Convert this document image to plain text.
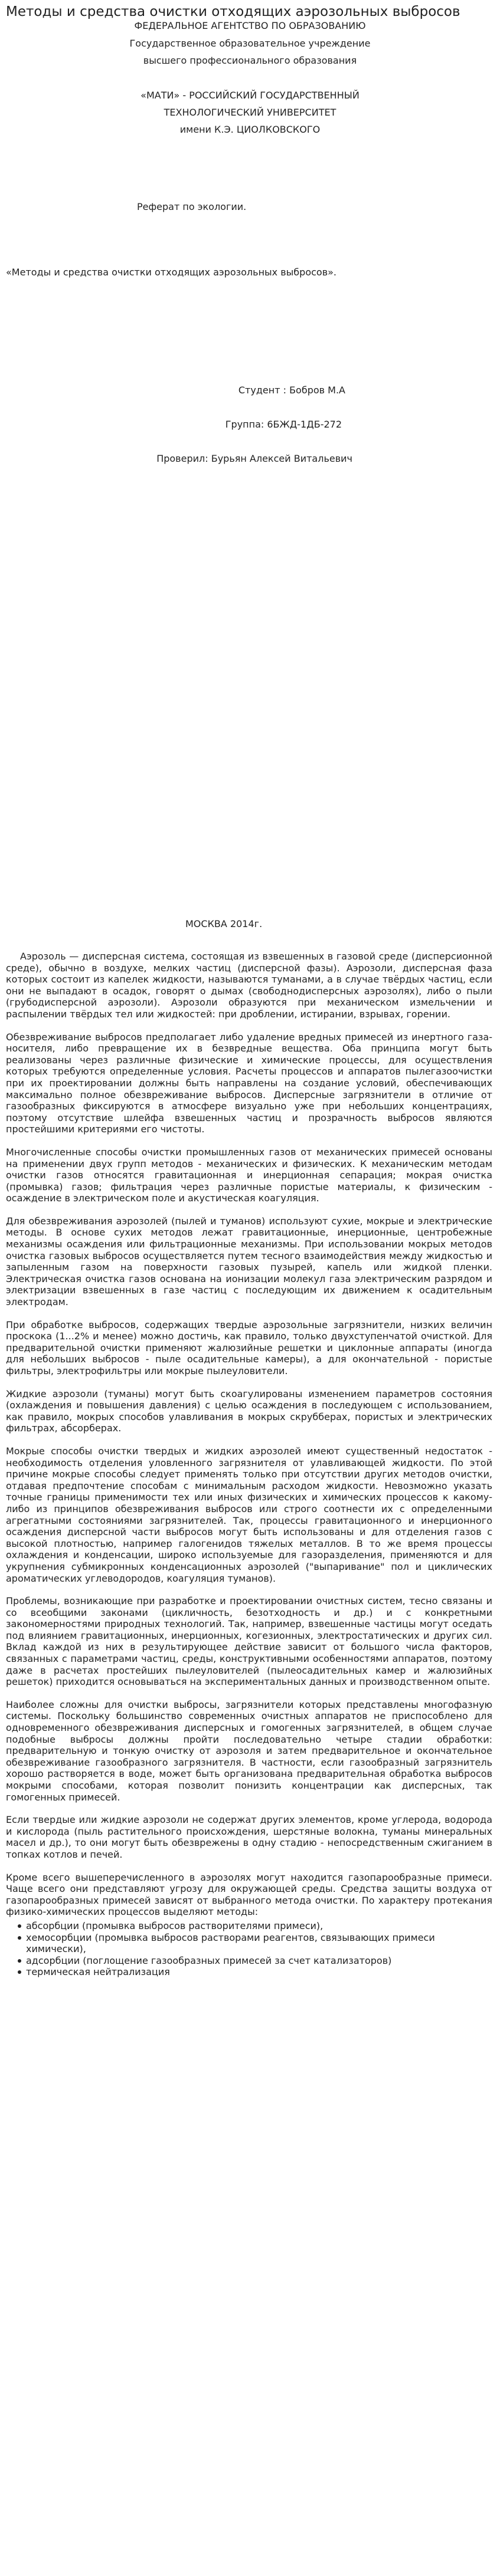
Методы и средства очистки отходящих аэрозольных выбросов
ФЕДЕРАЛЬНОЕ АГЕНТСТВО ПО ОБРАЗОВАНИЮ
Государственное образовательное учреждение
высшего профессионального образования
«МАТИ» - РОССИЙСКИЙ ГОСУДАРСТВЕННЫЙ
ТЕХНОЛОГИЧЕСКИЙ УНИВЕРСИТЕТ
имени К.Э. ЦИОЛКОВСКОГО
Реферат по экологии.
«Методы и средства очистки отходящих аэрозольных выбросов».
Студент : Бобров М.А
Группа: 6БЖД-1ДБ-272
Проверил: Бурьян Алексей Витальевич
МОСКВА 2014г.

Аэрозоль — дисперсная система, состоящая из взвешенных в газовой среде (дисперсионной среде), обычно в воздухе, мелких частиц (дисперсной фазы). Аэрозоли, дисперсная фаза которых состоит из капелек жидкости, называются туманами, а в случае твёрдых частиц, если они не выпадают в осадок, говорят о дымах (свободнодисперсных аэрозолях), либо о пыли (грубодисперсной аэрозоли). Аэрозоли образуются при механическом измельчении и распылении твёрдых тел или жидкостей: при дроблении, истирании, взрывах, горении.

Обезвреживание выбросов предполагает либо удаление вредных примесей из инертного газа-носителя, либо превращение их в безвредные вещества. Оба принципа могут быть реализованы через различные физические и химические процессы, для осуществления которых требуются определенные условия. Расчеты процессов и аппаратов пылегазоочистки при их проектировании должны быть направлены на создание условий, обеспечивающих максимально полное обезвреживание выбросов. Дисперсные загрязнители в отличие от газообразных фиксируются в атмосфере визуально уже при небольших концентрациях, поэтому отсутствие шлейфа взвешенных частиц и прозрачность выбросов являются простейшими критериями его чистоты.

Многочисленные способы очистки промышленных газов от механических примесей основаны на применении двух групп методов - механических и физических. К механическим методам очистки газов относятся гравитационная и инерционная сепарация; мокрая очистка (промывка) газов; фильтрация через различные пористые материалы, к физическим - осаждение в электрическом поле и акустическая коагуляция.

Для обезвреживания аэрозолей (пылей и туманов) используют сухие, мокрые и электрические методы. В основе сухих методов лежат гравитационные, инерционные, центробежные механизмы осаждения или фильтрационные механизмы. При использовании мокрых методов очистка газовых выбросов осуществляется путем тесного взаимодействия между жидкостью и запыленным газом на поверхности газовых пузырей, капель или жидкой пленки. Электрическая очистка газов основана на ионизации молекул газа электрическим разрядом и электризации взвешенных в газе частиц с последующим их движением к осадительным электродам.

При обработке выбросов, содержащих твердые аэрозольные загрязнители, низких величин проскока (1...2% и менее) можно достичь, как правило, только двухступенчатой очисткой. Для предварительной очистки применяют жалюзийные решетки и циклонные аппараты (иногда для небольших выбросов - пыле осадительные камеры), а для окончательной - пористые фильтры, электрофильтры или мокрые пылеуловители.

Жидкие аэрозоли (туманы) могут быть скоагулированы изменением параметров состояния (охлаждения и повышения давления) с целью осаждения в последующем с использованием, как правило, мокрых способов улавливания в мокрых скрубберах, пористых и электрических фильтрах, абсорберах.

Мокрые способы очистки твердых и жидких аэрозолей имеют существенный недостаток - необходимость отделения уловленного загрязнителя от улавливающей жидкости. По этой причине мокрые способы следует применять только при отсутствии других методов очистки, отдавая предпочтение способам с минимальным расходом жидкости. Невозможно указать точные границы применимости тех или иных физических и химических процессов к какому-либо из принципов обезвреживания выбросов или строго соотнести их с определенными агрегатными состояниями загрязнителей. Так, процессы гравитационного и инерционного осаждения дисперсной части выбросов могут быть использованы и для отделения газов с высокой плотностью, например галогенидов тяжелых металлов. В то же время процессы охлаждения и конденсации, широко используемые для газоразделения, применяются и для укрупнения субмикронных конденсационных аэрозолей ("выпаривание" пол и циклических ароматических углеводородов, коагуляция туманов).

Проблемы, возникающие при разработке и проектировании очистных систем, тесно связаны и со всеобщими законами (цикличность, безотходность и др.) и с конкретными закономерностями природных технологий. Так, например, взвешенные частицы могут оседать под влиянием гравитационных, инерционных, когезионных, электростатических и других сил. Вклад каждой из них в результирующее действие зависит от большого числа факторов, связанных с параметрами частиц, среды, конструктивными особенностями аппаратов, поэтому даже в расчетах простейших пылеуловителей (пылеосадительных камер и жалюзийных решеток) приходится основываться на экспериментальных данных и производственном опыте.

Наиболее сложны для очистки выбросы, загрязнители которых представлены многофазную системы. Поскольку большинство современных очистных аппаратов не приспособлено для одновременного обезвреживания дисперсных и гомогенных загрязнителей, в общем случае подобные выбросы должны пройти последовательно четыре стадии обработки: предварительную и тонкую очистку от аэрозоля и затем предварительное и окончательное обезвреживание газообразного загрязнителя. В частности, если газообразный загрязнитель хорошо растворяется в воде, может быть организована предварительная обработка выбросов мокрыми способами, которая позволит понизить концентрации как дисперсных, так гомогенных примесей.

Если твердые или жидкие аэрозоли не содержат других элементов, кроме углерода, водорода и кислорода (пыль растительного происхождения, шерстяные волокна, туманы минеральных масел и др.), то они могут быть обезврежены в одну стадию - непосредственным сжиганием в топках котлов и печей.

Кроме всего вышеперечисленного в аэрозолях могут находится газопарообразные примеси. Чаще всего они представляют угрозу для окружающей среды. Средства защиты воздуха от газопарообразных примесей зависят от выбранного метода очистки. По характеру протекания физико-химических процессов выделяют методы:

абсорбции (промывка выбросов растворителями примеси),
хемосорбции (промывка выбросов растворами реагентов, связывающих примеси химически),
адсорбции (поглощение газообразных примесей за счет катализаторов)
термическая нейтрализация
